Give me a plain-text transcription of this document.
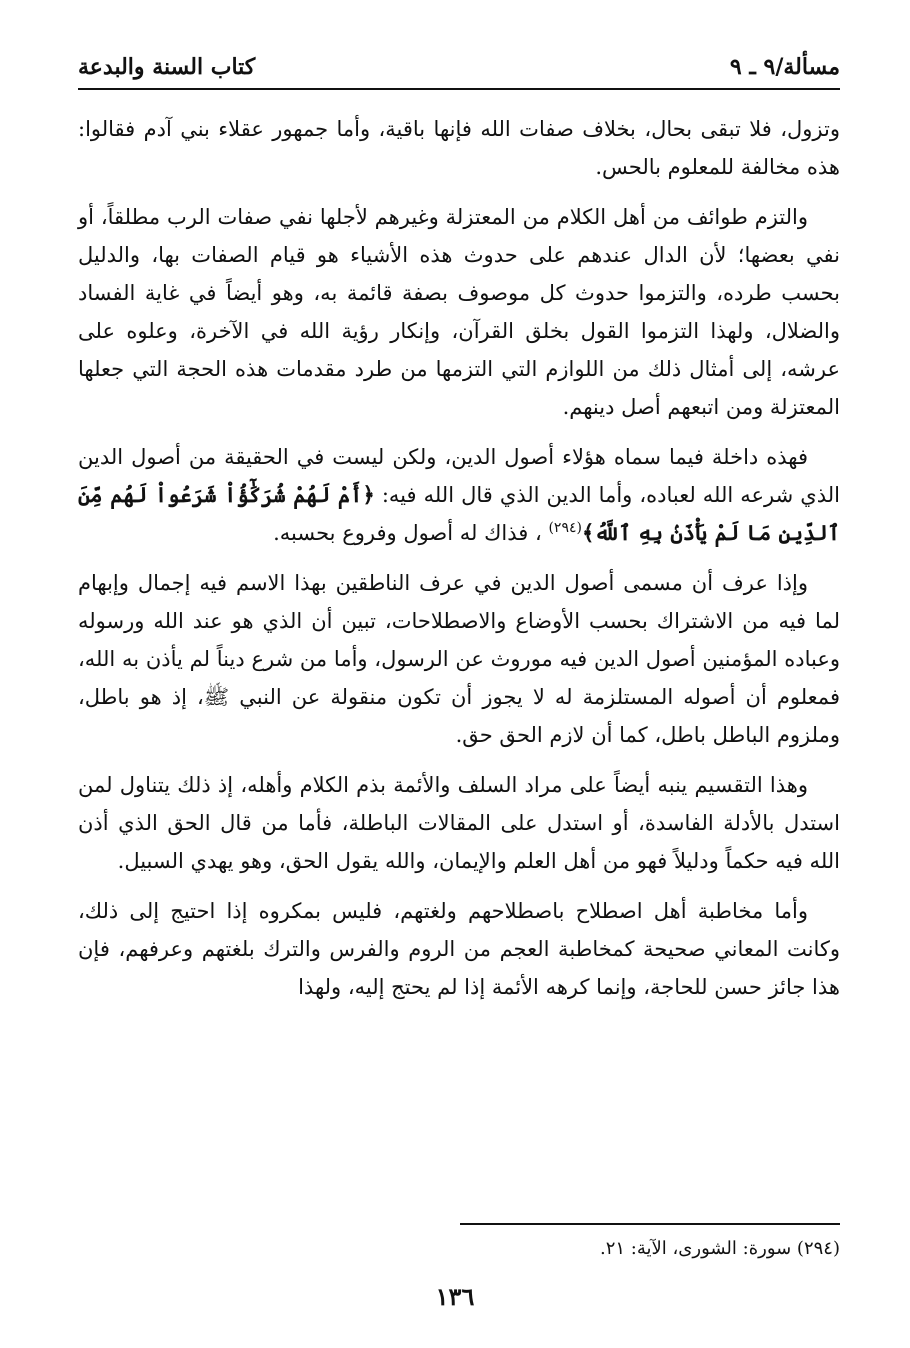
مسألة/٩ ـ ٩
كتاب السنة والبدعة

وتزول، فلا تبقى بحال، بخلاف صفات الله فإنها باقية، وأما جمهور عقلاء بني آدم فقالوا: هذه مخالفة للمعلوم بالحس.

والتزم طوائف من أهل الكلام من المعتزلة وغيرهم لأجلها نفي صفات الرب مطلقاً، أو نفي بعضها؛ لأن الدال عندهم على حدوث هذه الأشياء هو قيام الصفات بها، والدليل بحسب طرده، والتزموا حدوث كل موصوف بصفة قائمة به، وهو أيضاً في غاية الفساد والضلال، ولهذا التزموا القول بخلق القرآن، وإنكار رؤية الله في الآخرة، وعلوه على عرشه، إلى أمثال ذلك من اللوازم التي التزمها من طرد مقدمات هذه الحجة التي جعلها المعتزلة ومن اتبعهم أصل دينهم.

فهذه داخلة فيما سماه هؤلاء أصول الدين، ولكن ليست في الحقيقة من أصول الدين الذي شرعه الله لعباده، وأما الدين الذي قال الله فيه: ﴿أَمْ لَهُمْ شُرَكَٰٓؤُاْ شَرَعُواْ لَهُم مِّنَ ٱلدِّينِ مَا لَمْ يَأْذَنۢ بِهِ ٱللَّهُ﴾$^{(٢٩٤)}$ ، فذاك له أصول وفروع بحسبه.

وإذا عرف أن مسمى أصول الدين في عرف الناطقين بهذا الاسم فيه إجمال وإبهام لما فيه من الاشتراك بحسب الأوضاع والاصطلاحات، تبين أن الذي هو عند الله ورسوله وعباده المؤمنين أصول الدين فيه موروث عن الرسول، وأما من شرع ديناً لم يأذن به الله، فمعلوم أن أصوله المستلزمة له لا يجوز أن تكون منقولة عن النبي ﷺ، إذ هو باطل، وملزوم الباطل باطل، كما أن لازم الحق حق.

وهذا التقسيم ينبه أيضاً على مراد السلف والأئمة بذم الكلام وأهله، إذ ذلك يتناول لمن استدل بالأدلة الفاسدة، أو استدل على المقالات الباطلة، فأما من قال الحق الذي أذن الله فيه حكماً ودليلاً فهو من أهل العلم والإيمان، والله يقول الحق، وهو يهدي السبيل.

وأما مخاطبة أهل اصطلاح باصطلاحهم ولغتهم، فليس بمكروه إذا احتيج إلى ذلك، وكانت المعاني صحيحة كمخاطبة العجم من الروم والفرس والترك بلغتهم وعرفهم، فإن هذا جائز حسن للحاجة، وإنما كرهه الأئمة إذا لم يحتج إليه، ولهذا

(٢٩٤) سورة: الشورى، الآية: ٢١.
١٣٦
